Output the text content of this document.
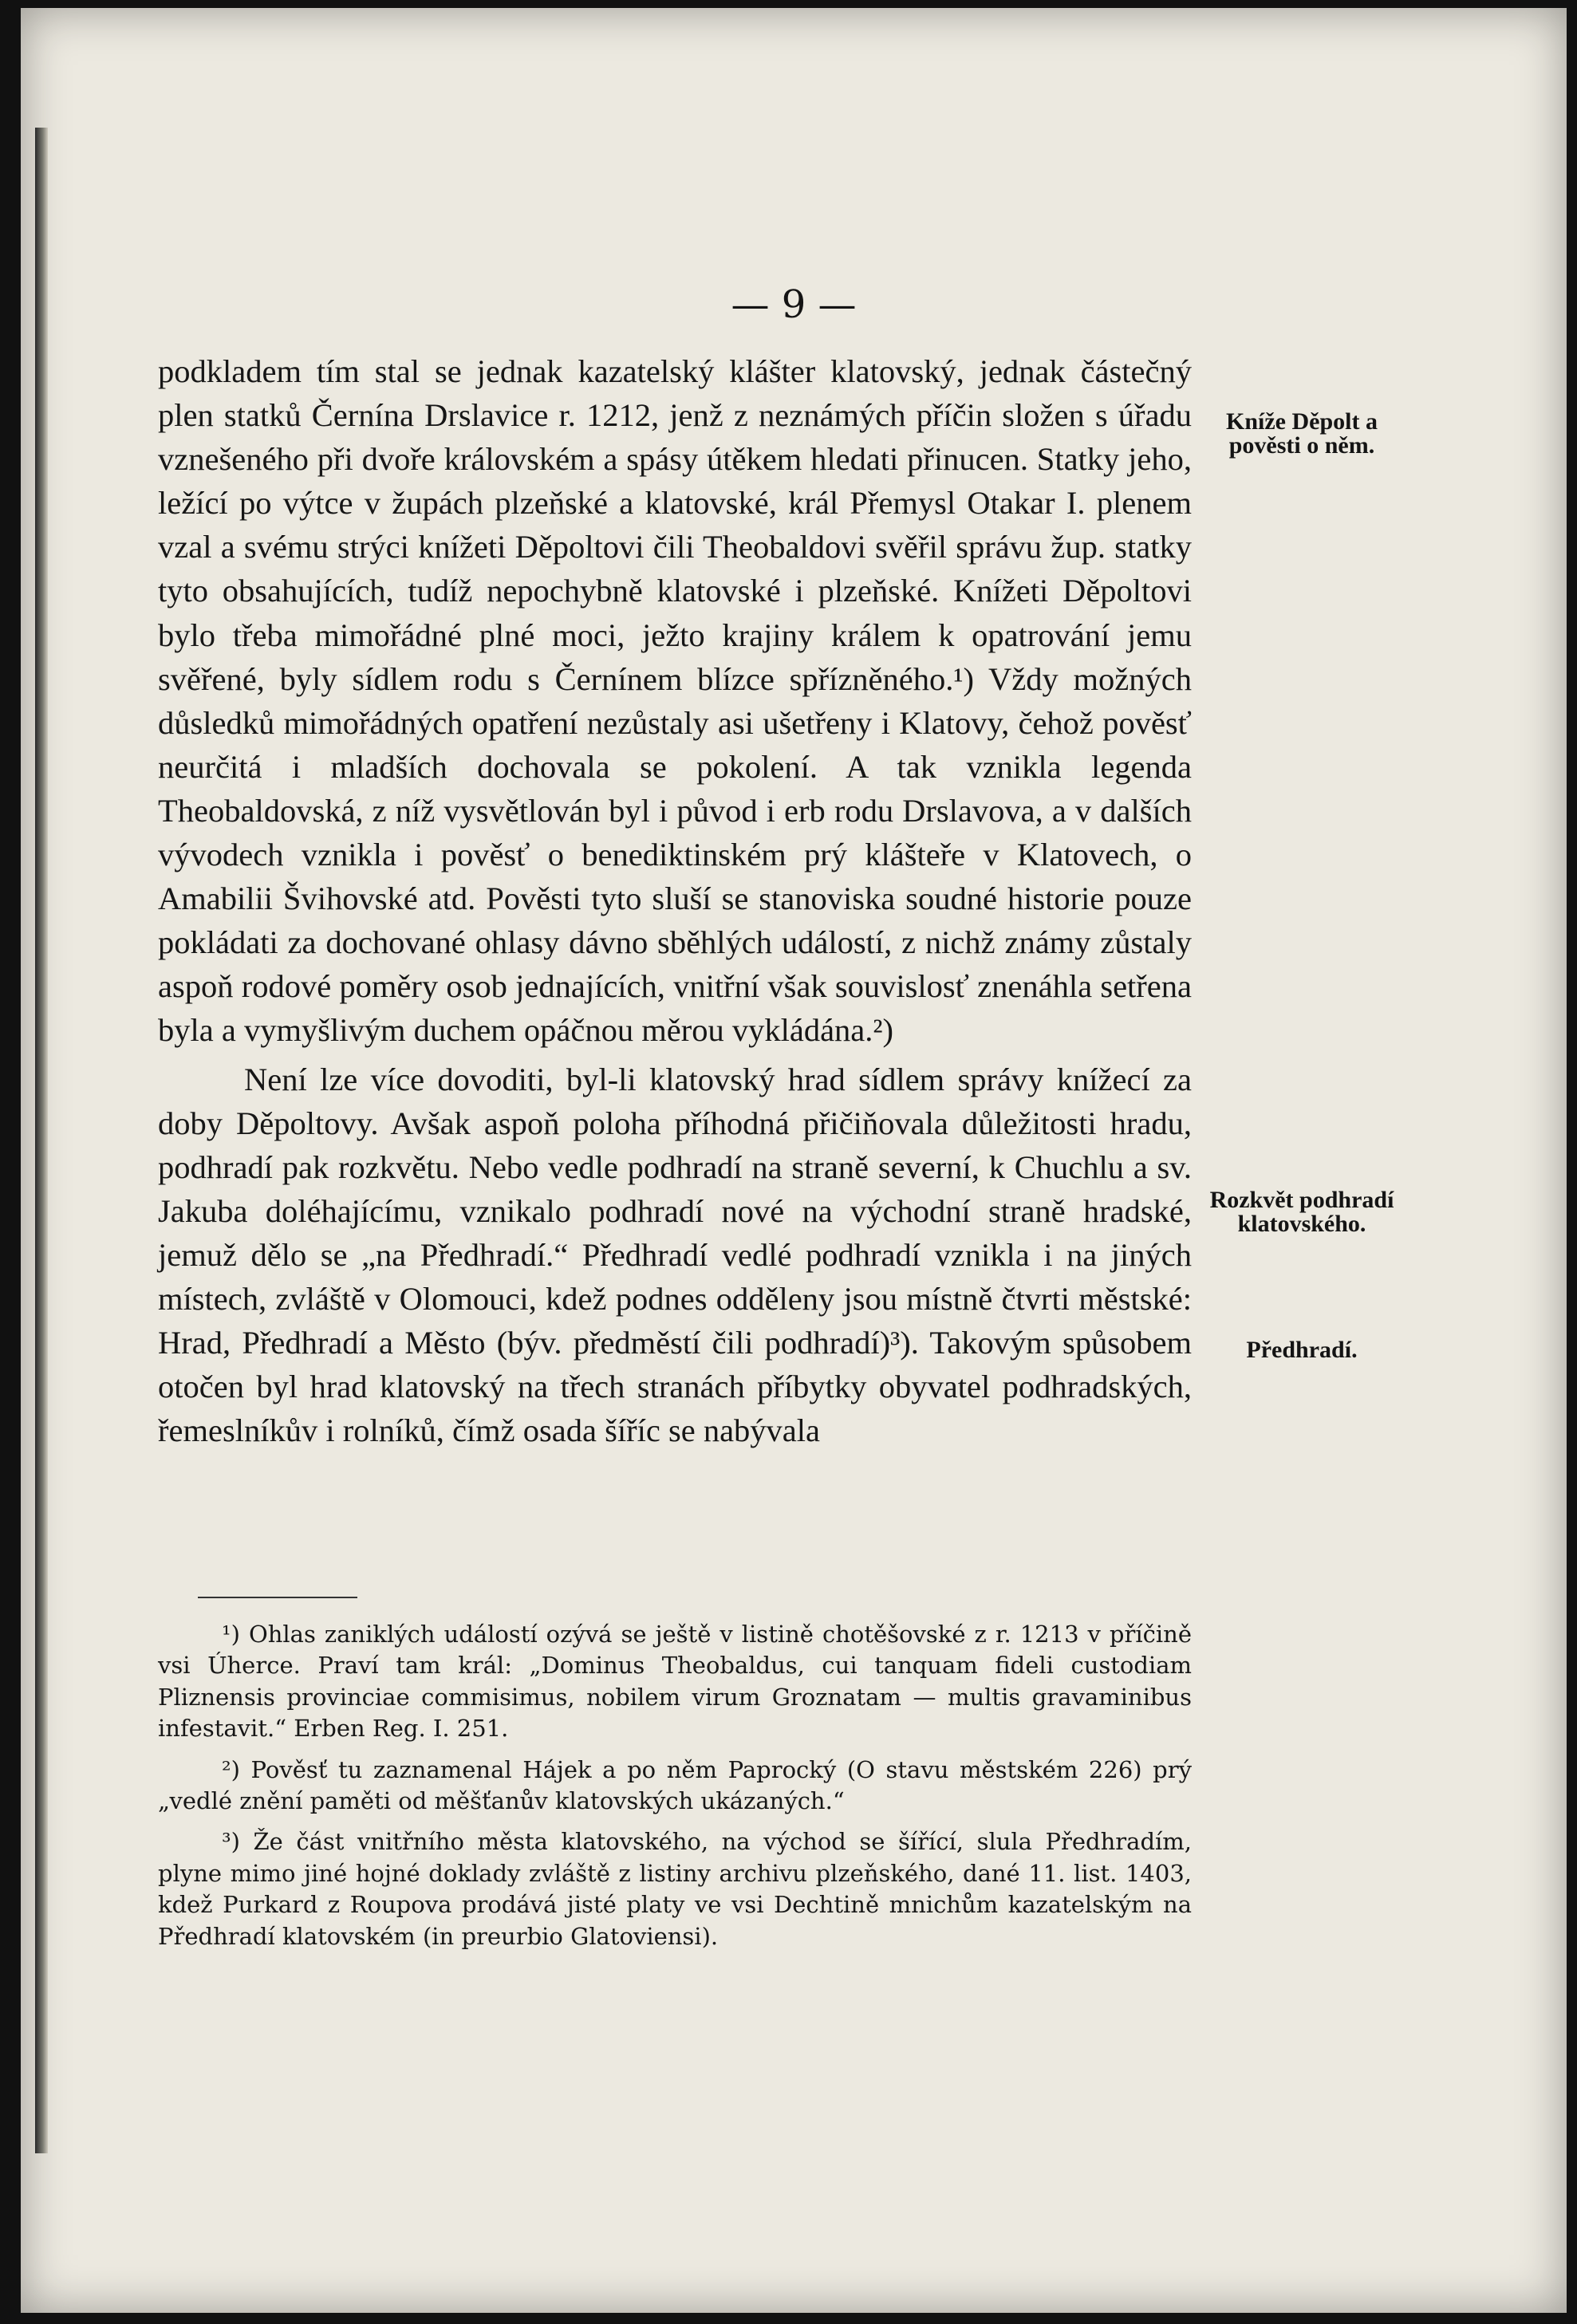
— 9 —

podkladem tím stal se jednak kazatelský klášter klatovský, jednak částečný plen statků Černína Drslavice r. 1212, jenž z neznámých příčin složen s úřadu vznešeného při dvoře královském a spásy útěkem hledati přinucen. Statky jeho, ležící po výtce v župách plzeňské a klatovské, král Přemysl Otakar I. plenem vzal a svému strýci knížeti Děpoltovi čili Theobaldovi svěřil správu žup. statky tyto obsahujících, tudíž nepochybně klatovské i plzeňské. Knížeti Děpoltovi bylo třeba mimořádné plné moci, ježto krajiny králem k opatrování jemu svěřené, byly sídlem rodu s Černínem blízce spřízněného.¹) Vždy možných důsledků mimořádných opatření nezůstaly asi ušetřeny i Klatovy, čehož pověsť neurčitá i mladších dochovala se pokolení. A tak vznikla legenda Theobaldovská, z níž vysvětlován byl i původ i erb rodu Drslavova, a v dalších vývodech vznikla i pověsť o benediktinském prý klášteře v Klatovech, o Amabilii Švihovské atd. Pověsti tyto sluší se stanoviska soudné historie pouze pokládati za dochované ohlasy dávno sběhlých událostí, z nichž známy zůstaly aspoň rodové poměry osob jednajících, vnitřní však souvislosť znenáhla setřena byla a vymyšlivým duchem opáčnou měrou vykládána.²)

Není lze více dovoditi, byl-li klatovský hrad sídlem správy knížecí za doby Děpoltovy. Avšak aspoň poloha příhodná přičiňovala důležitosti hradu, podhradí pak rozkvětu. Nebo vedle podhradí na straně severní, k Chuchlu a sv. Jakuba doléhajícímu, vznikalo podhradí nové na východní straně hradské, jemuž dělo se „na Předhradí.“ Předhradí vedlé podhradí vznikla i na jiných místech, zvláště v Olomouci, kdež podnes odděleny jsou místně čtvrti městské: Hrad, Předhradí a Město (býv. předměstí čili podhradí)³). Takovým spůsobem otočen byl hrad klatovský na třech stranách příbytky obyvatel podhradských, řemeslníkův i rolníků, čímž osada šíříc se nabývala

Kníže Děpolt a pověsti o něm.
Rozkvět podhradí klatovského.
Předhradí.

¹) Ohlas zaniklých událostí ozývá se ještě v listině chotěšovské z r. 1213 v příčině vsi Úherce. Praví tam král: „Dominus Theobaldus, cui tanquam fideli custodiam Pliznensis provinciae commisimus, nobilem virum Groznatam — multis gravaminibus infestavit.“ Erben Reg. I. 251.

²) Pověsť tu zaznamenal Hájek a po něm Paprocký (O stavu městském 226) prý „vedlé znění paměti od měšťanův klatovských ukázaných.“

³) Že část vnitřního města klatovského, na východ se šířící, slula Předhradím, plyne mimo jiné hojné doklady zvláště z listiny archivu plzeňského, dané 11. list. 1403, kdež Purkard z Roupova prodává jisté platy ve vsi Dechtině mnichům kazatelským na Předhradí klatovském (in preurbio Glatoviensi).
